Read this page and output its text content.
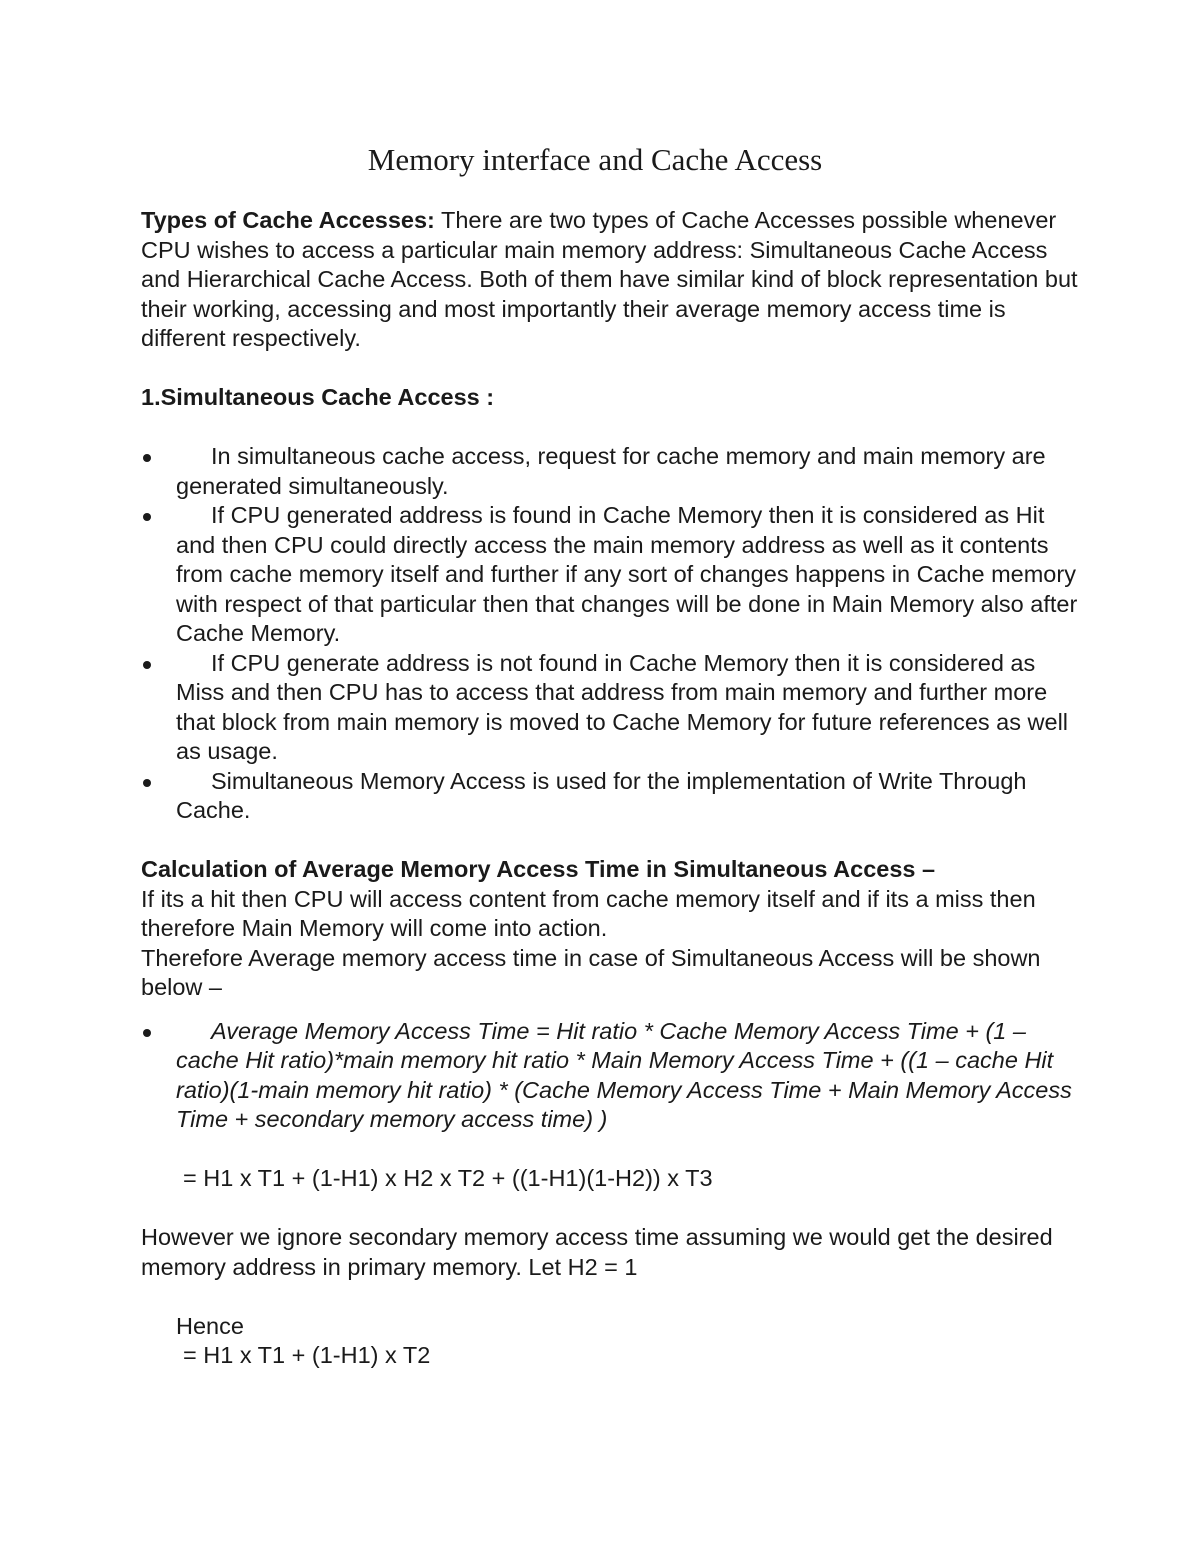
Memory interface and Cache Access

Types of Cache Accesses: There are two types of Cache Accesses possible whenever CPU wishes to access a particular main memory address: Simultaneous Cache Access and Hierarchical Cache Access. Both of them have similar kind of block representation but their working, accessing and most importantly their average memory access time is different respectively.

1.Simultaneous Cache Access :

In simultaneous cache access, request for cache memory and main memory are generated simultaneously.
If CPU generated address is found in Cache Memory then it is considered as Hit and then CPU could directly access the main memory address as well as it contents from cache memory itself and further if any sort of changes happens in Cache memory with respect of that particular then that changes will be done in Main Memory also after Cache Memory.
If CPU generate address is not found in Cache Memory then it is considered as Miss and then CPU has to access that address from main memory and further more that block from main memory is moved to Cache Memory for future references as well as usage.
Simultaneous Memory Access is used for the implementation of Write Through Cache.

Calculation of Average Memory Access Time in Simultaneous Access –

If its a hit then CPU will access content from cache memory itself and if its a miss then therefore Main Memory will come into action.

Therefore Average memory access time in case of Simultaneous Access will be shown below –

Average Memory Access Time = Hit ratio * Cache Memory Access Time + (1 – cache Hit ratio)*main memory hit ratio * Main Memory Access Time + ((1 – cache Hit ratio)(1-main memory hit ratio) * (Cache Memory Access Time + Main Memory Access Time + secondary memory access time) )

= H1 x T1 + (1-H1) x H2 x T2 + ((1-H1)(1-H2)) x T3

However we ignore secondary memory access time assuming we would get the desired memory address in primary memory. Let H2 = 1

Hence

= H1 x T1 + (1-H1) x T2
